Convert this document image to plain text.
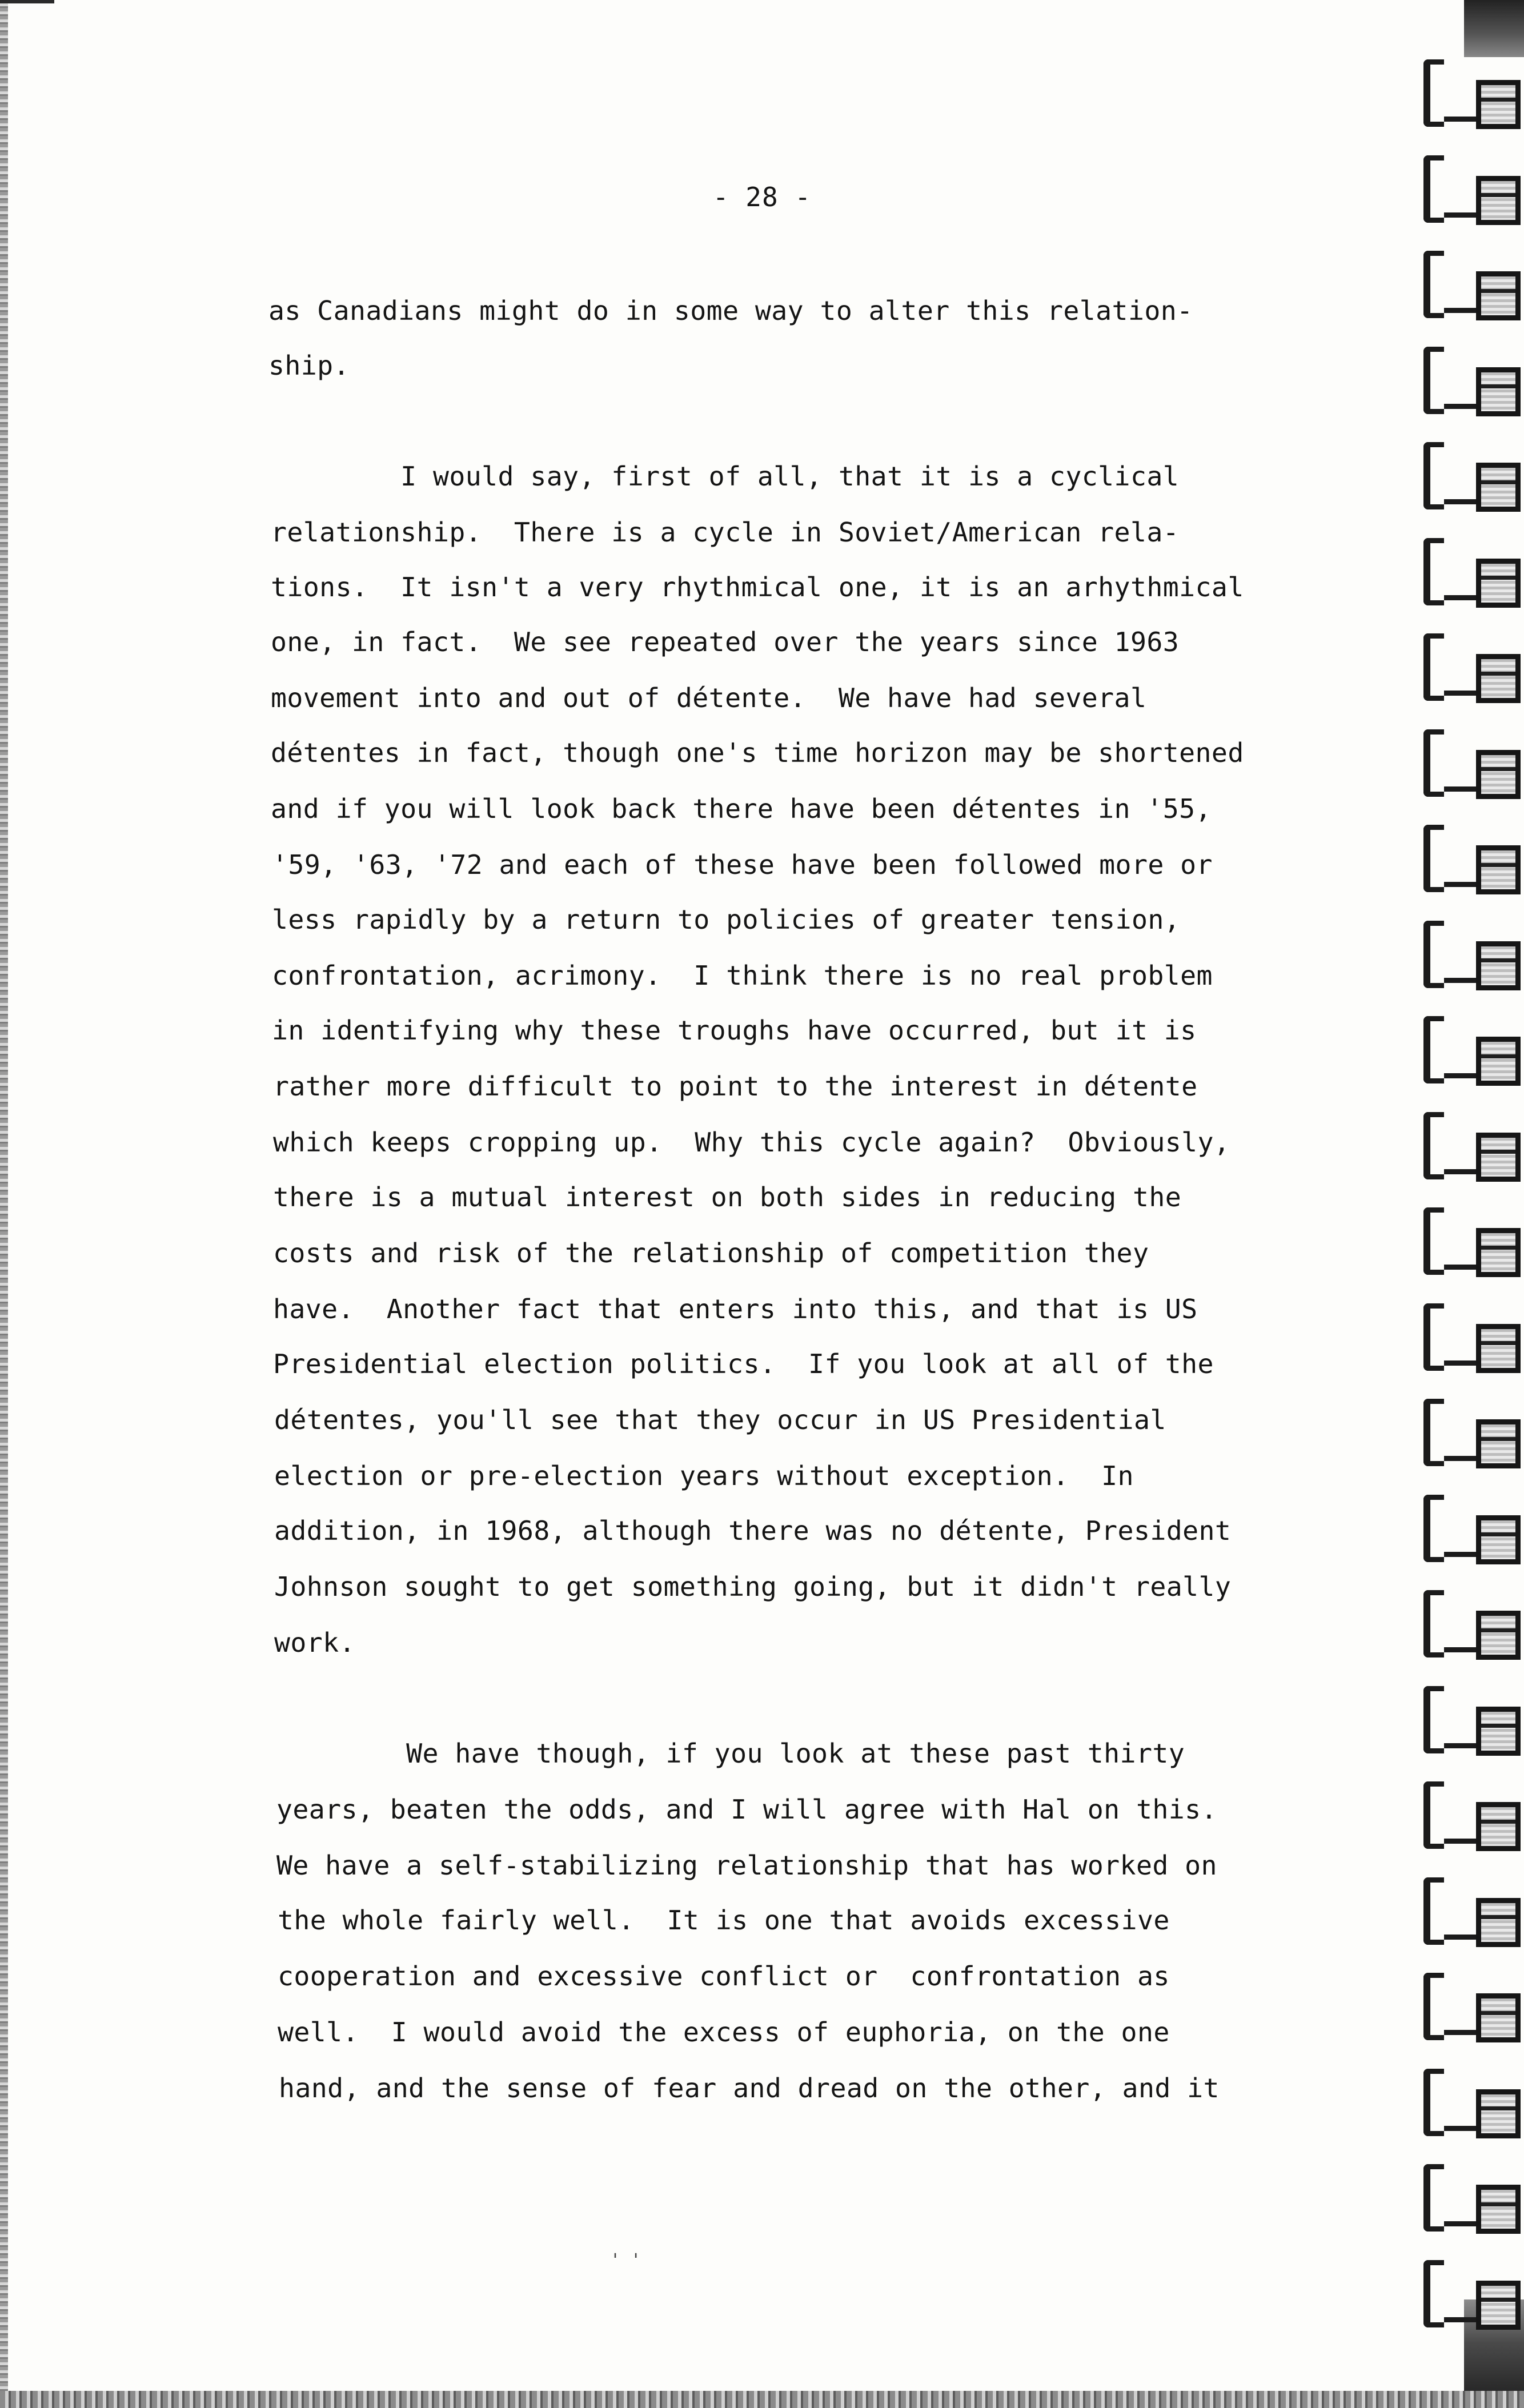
- 28 -
as Canadians might do in some way to alter this relation-
ship.
I would say, first of all, that it is a cyclical
relationship.  There is a cycle in Soviet/American rela-
tions.  It isn't a very rhythmical one, it is an arhythmical
one, in fact.  We see repeated over the years since 1963
movement into and out of détente.  We have had several
détentes in fact, though one's time horizon may be shortened
and if you will look back there have been détentes in '55,
'59, '63, '72 and each of these have been followed more or
less rapidly by a return to policies of greater tension,
confrontation, acrimony.  I think there is no real problem
in identifying why these troughs have occurred, but it is
rather more difficult to point to the interest in détente
which keeps cropping up.  Why this cycle again?  Obviously,
there is a mutual interest on both sides in reducing the
costs and risk of the relationship of competition they
have.  Another fact that enters into this, and that is US
Presidential election politics.  If you look at all of the
détentes, you'll see that they occur in US Presidential
election or pre-election years without exception.  In
addition, in 1968, although there was no détente, President
Johnson sought to get something going, but it didn't really
work.
We have though, if you look at these past thirty
years, beaten the odds, and I will agree with Hal on this.
We have a self-stabilizing relationship that has worked on
the whole fairly well.  It is one that avoids excessive
cooperation and excessive conflict or  confrontation as
well.  I would avoid the excess of euphoria, on the one
hand, and the sense of fear and dread on the other, and it
' '
